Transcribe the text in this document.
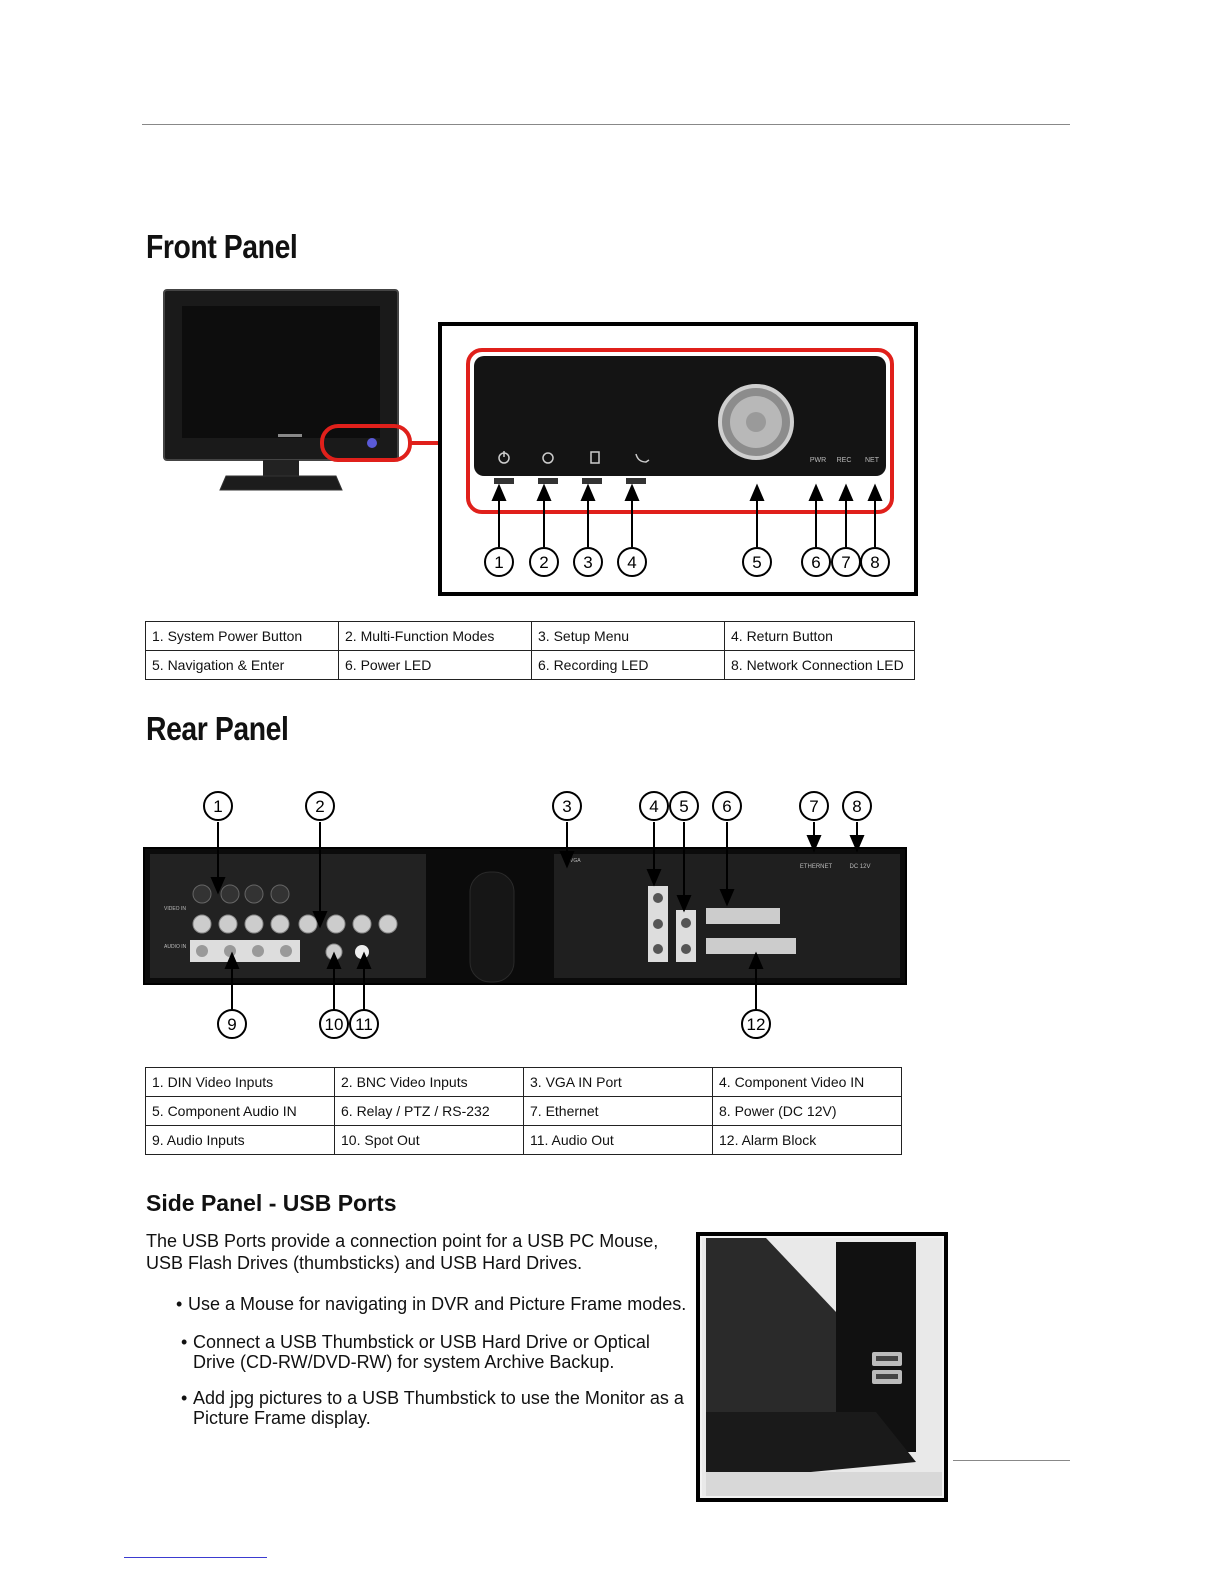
Front Panel
PWR REC NET
1 2 3 4	5	6 7 8
1. System Power Button	2. Multi-Function Modes	3. Setup Menu	4. Return Button
5. Navigation & Enter	6. Power LED	6. Recording LED	8. Network Connection LED
Rear Panel
VIDEO IN
AUDIO IN
VGA
ETHERNET	DC 12V
1	2	3	4 5 6	7 8
9	10 11	12
1. DIN Video Inputs	2. BNC Video Inputs	3. VGA IN Port	4. Component Video IN
5. Component Audio IN	6. Relay / PTZ / RS-232	7. Ethernet	8. Power (DC 12V)
9. Audio Inputs	10. Spot Out	11. Audio Out	12. Alarm Block
Side Panel - USB Ports
The USB Ports provide a connection point for a USB PC Mouse,
USB Flash Drives (thumbsticks) and USB Hard Drives.
• Use a Mouse for navigating in DVR and Picture Frame modes.
• Connect a USB Thumbstick or USB Hard Drive or Optical Drive (CD-RW/DVD-RW) for system Archive Backup.
• Add jpg pictures to a USB Thumbstick to use the Monitor as a Picture Frame display.
